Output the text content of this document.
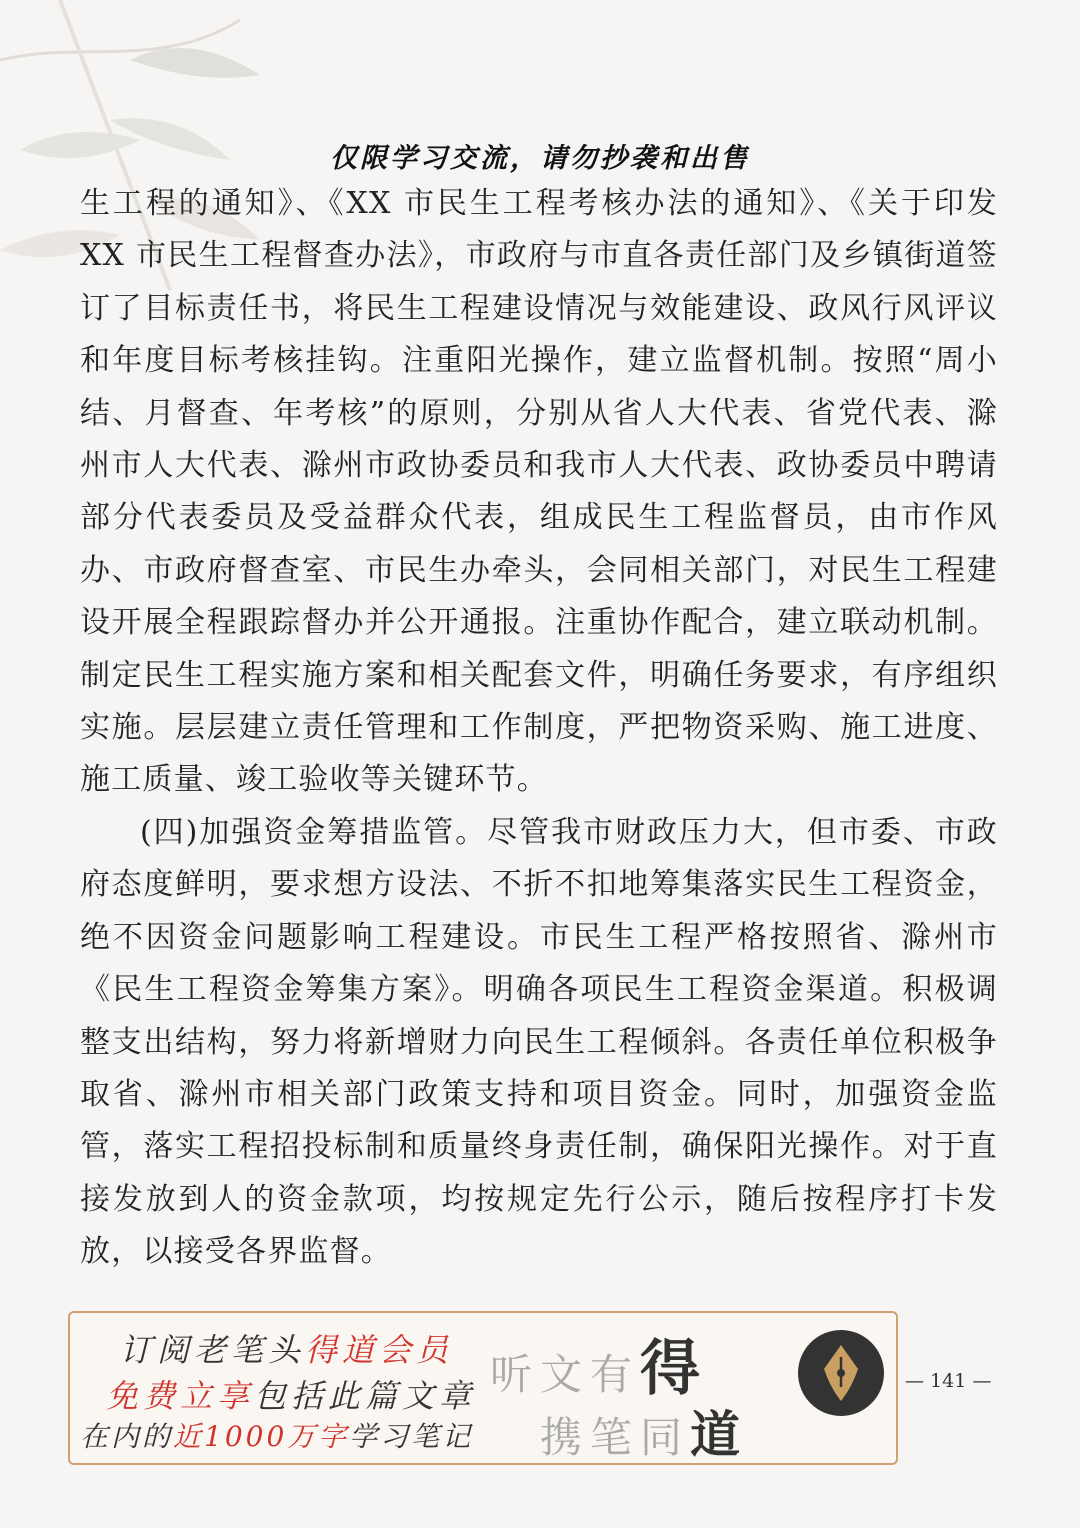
仅限学习交流，请勿抄袭和出售

生工程的通知》、《XX 市民生工程考核办法的通知》、《关于印发 XX 市民生工程督查办法》，市政府与市直各责任部门及乡镇街道签订了目标责任书，将民生工程建设情况与效能建设、政风行风评议和年度目标考核挂钩。注重阳光操作，建立监督机制。按照“周小结、月督查、年考核”的原则，分别从省人大代表、省党代表、滁州市人大代表、滁州市政协委员和我市人大代表、政协委员中聘请部分代表委员及受益群众代表，组成民生工程监督员，由市作风办、市政府督查室、市民生办牵头，会同相关部门，对民生工程建设开展全程跟踪督办并公开通报。注重协作配合，建立联动机制。制定民生工程实施方案和相关配套文件，明确任务要求，有序组织实施。层层建立责任管理和工作制度，严把物资采购、施工进度、施工质量、竣工验收等关键环节。

(四)加强资金筹措监管。尽管我市财政压力大，但市委、市政府态度鲜明，要求想方设法、不折不扣地筹集落实民生工程资金，绝不因资金问题影响工程建设。市民生工程严格按照省、滁州市《民生工程资金筹集方案》。明确各项民生工程资金渠道。积极调整支出结构，努力将新增财力向民生工程倾斜。各责任单位积极争取省、滁州市相关部门政策支持和项目资金。同时，加强资金监管，落实工程招投标制和质量终身责任制，确保阳光操作。对于直接发放到人的资金款项，均按规定先行公示，随后按程序打卡发放，以接受各界监督。

订阅老笔头得道会员
免费立享包括此篇文章
在内的近1000万字学习笔记
听文有得
携笔同道
— 141 —
